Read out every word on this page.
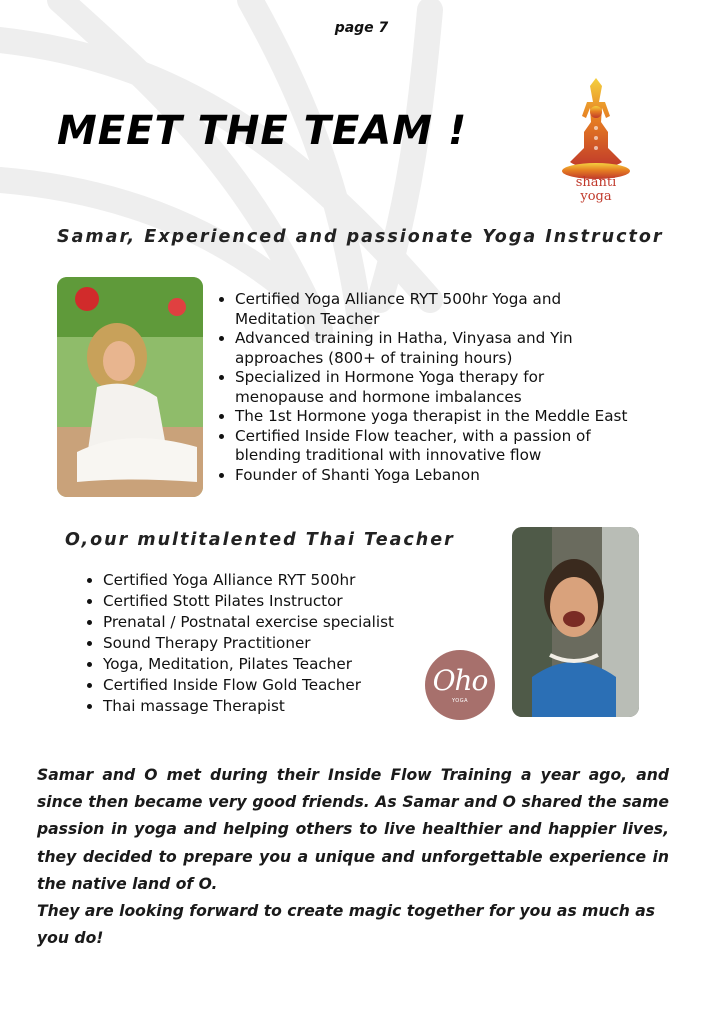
page 7
MEET THE TEAM !
shanti
yoga
Samar, Experienced and passionate Yoga Instructor
• Certified Yoga Alliance RYT 500hr Yoga and
Meditation Teacher
• Advanced training in Hatha, Vinyasa and Yin
approaches (800+ of training hours)
• Specialized in Hormone Yoga therapy for
menopause and hormone imbalances
• The 1st Hormone yoga therapist in the Meddle East
• Certified Inside Flow teacher, with a passion of
blending traditional with innovative flow
• Founder of Shanti Yoga Lebanon
O,our multitalented Thai Teacher
• Certified Yoga Alliance RYT 500hr
• Certified Stott Pilates Instructor
• Prenatal / Postnatal exercise specialist
• Sound Therapy Practitioner
• Yoga, Meditation, Pilates Teacher
• Certified Inside Flow Gold Teacher
• Thai massage Therapist
Oho
YOGA
Samar and O met during their Inside Flow Training a year ago, and since then became very good friends. As Samar and O shared the same passion in yoga and helping others to live healthier and happier lives, they decided to prepare you a unique and unforgettable experience in the native land of O.
They are looking forward to create magic together for you as much as you do!
